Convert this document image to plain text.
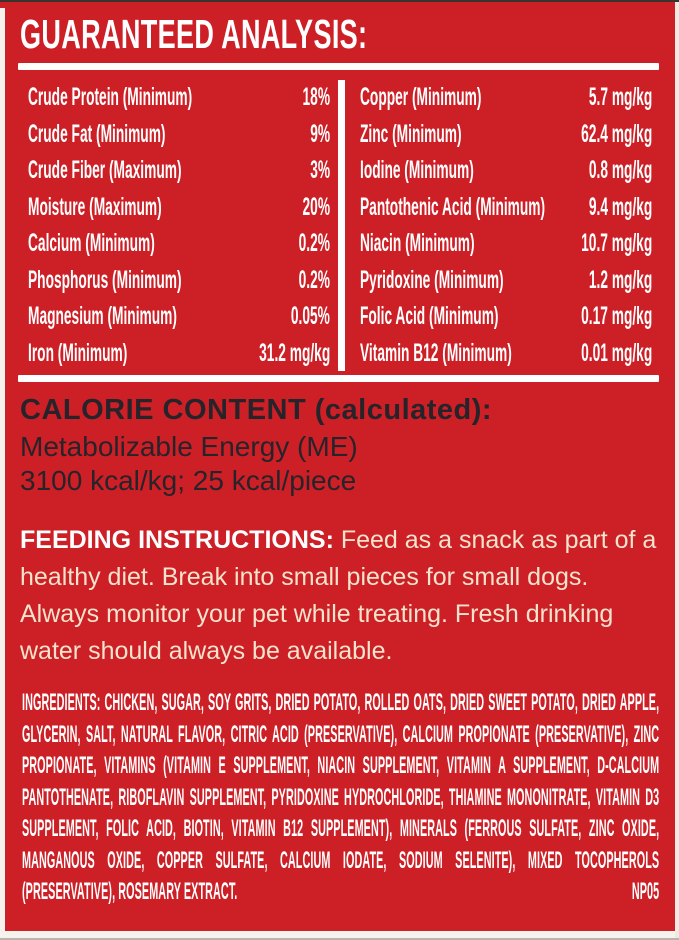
GUARANTEED ANALYSIS:
Crude Protein (Minimum)	18%
Crude Fat (Minimum)	9%
Crude Fiber (Maximum)	3%
Moisture (Maximum)	20%
Calcium (Minimum)	0.2%
Phosphorus (Minimum)	0.2%
Magnesium (Minimum)	0.05%
Iron (Minimum)	31.2 mg/kg
Copper (Minimum)	5.7 mg/kg
Zinc (Minimum)	62.4 mg/kg
Iodine (Minimum)	0.8 mg/kg
Pantothenic Acid (Minimum) 9.4 mg/kg
Niacin (Minimum)	10.7 mg/kg
Pyridoxine (Minimum)	1.2 mg/kg
Folic Acid (Minimum)	0.17 mg/kg
Vitamin B12 (Minimum)	0.01 mg/kg
CALORIE CONTENT (calculated):
Metabolizable Energy (ME)
3100 kcal/kg; 25 kcal/piece
FEEDING INSTRUCTIONS: Feed as a snack as part of a healthy diet. Break into small pieces for small dogs. Always monitor your pet while treating. Fresh drinking water should always be available.
INGREDIENTS: CHICKEN, SUGAR, SOY GRITS, DRIED POTATO, ROLLED OATS, DRIED SWEET POTATO, DRIED APPLE, GLYCERIN, SALT, NATURAL FLAVOR, CITRIC ACID (PRESERVATIVE), CALCIUM PROPIONATE (PRESERVATIVE), ZINC PROPIONATE, VITAMINS (VITAMIN E SUPPLEMENT, NIACIN SUPPLEMENT, VITAMIN A SUPPLEMENT, D-CALCIUM PANTOTHENATE, RIBOFLAVIN SUPPLEMENT, PYRIDOXINE HYDROCHLORIDE, THIAMINE MONONITRATE, VITAMIN D3 SUPPLEMENT, FOLIC ACID, BIOTIN, VITAMIN B12 SUPPLEMENT), MINERALS (FERROUS SULFATE, ZINC OXIDE, MANGANOUS OXIDE, COPPER SULFATE, CALCIUM IODATE, SODIUM SELENITE), MIXED TOCOPHEROLS (PRESERVATIVE), ROSEMARY EXTRACT.	NP05
